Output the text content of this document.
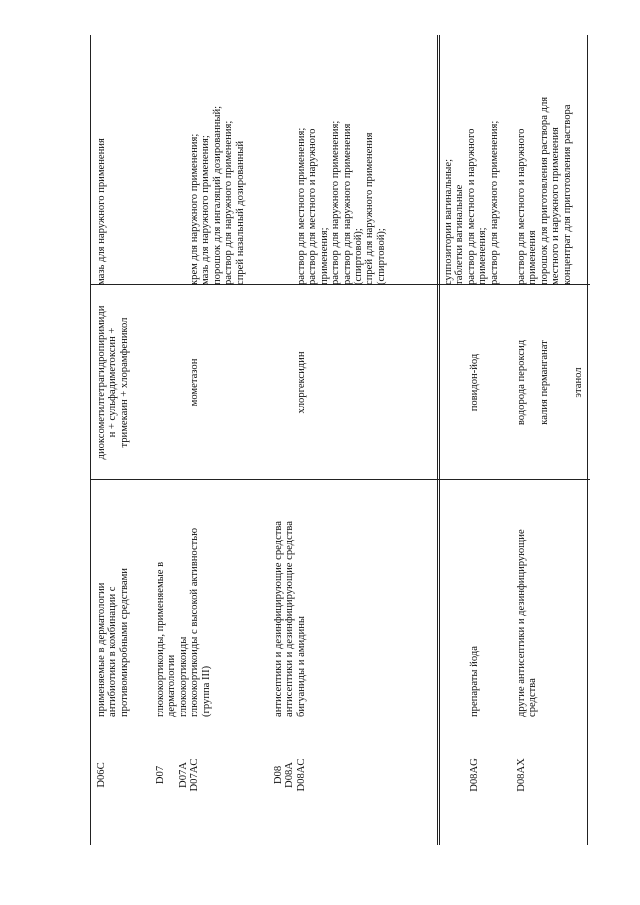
D06C
применяемые в дерматологии антибиотики в комбинации с противомикробными средствами
диоксометилтетрагидропиримиди н + сульфадиметоксин + тримекаин + хлорамфеникол
мазь для наружного применения
D07
D07A D07AC
глюкокортикоиды, применяемые в дерматологии глюкокортикоиды глюкокортикоиды с высокой активностью (группа III)
мометазон
крем для наружного применения; мазь для наружного применения; порошок для ингаляций дозированный; раствор для наружного применения; спрей назальный дозированный
D08 D08A D08AC
антисептики и дезинфицирующие средства антисептики и дезинфицирующие средства бигуаниды и амидины
хлоргексидин
раствор для местного применения; раствор для местного и наружного применения; раствор для наружного применения; раствор для наружного применения (спиртовой); спрей для наружного применения (спиртовой);
D08AG
препараты йода
повидон-йод
суппозитории вагинальные; таблетки вагинальные раствор для местного и наружного применения; раствор для наружного применения;
D08AX
другие антисептики и дезинфицирующие средства
водорода пероксид
калия перманганат

этанол
раствор для местного и наружного применения порошок для приготовления раствора для местного и наружного применения концентрат для приготовления раствора
